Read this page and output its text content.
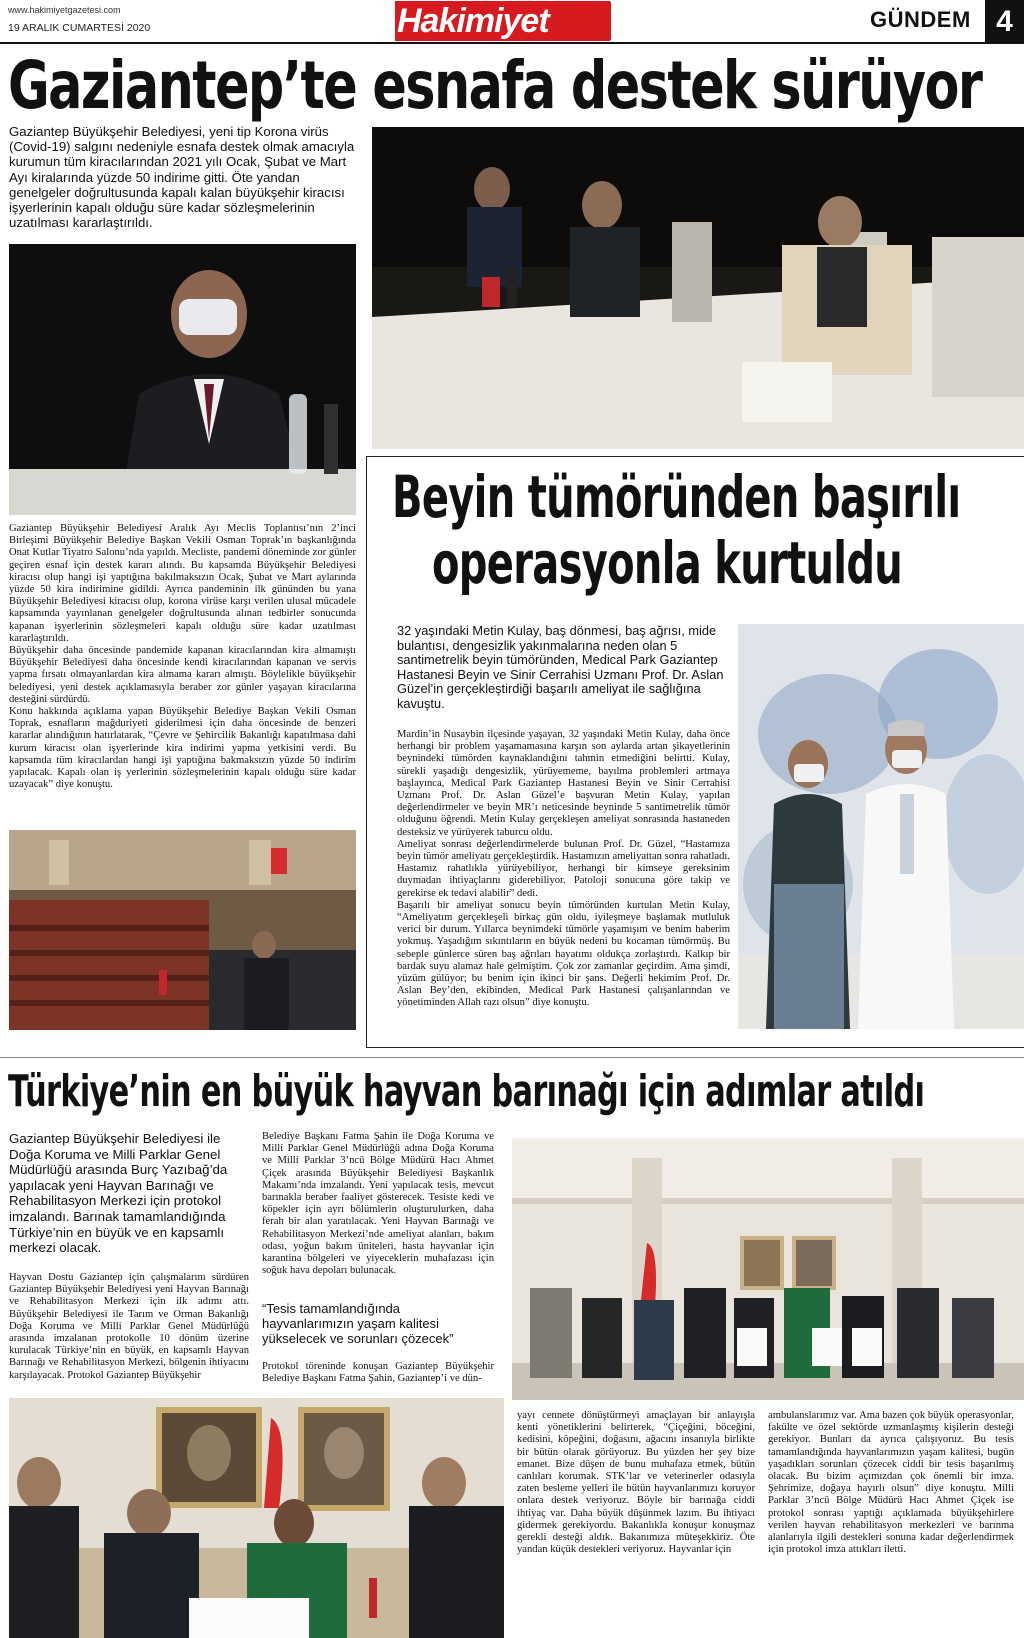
www.hakimiyetgazetesi.com
19 ARALIK CUMARTESİ 2020	Hakimiyet	GÜNDEM 4
Gaziantep’te esnafa destek sürüyor
Gaziantep Büyükşehir Belediyesi, yeni tip Korona virüs (Covid-19) salgını nedeniyle esnafa destek olmak amacıyla kurumun tüm kiracılarından 2021 yılı Ocak, Şubat ve Mart Ayı kiralarında yüzde 50 indirime gitti. Öte yandan genelgeler doğrultusunda kapalı kalan büyükşehir kiracısı işyerlerinin kapalı olduğu süre kadar sözleşmelerinin uzatılması kararlaştırıldı.

Gaziantep Büyükşehir Belediyesi Aralık Ayı Meclis Toplantısı’nın 2’inci Birleşimi Büyükşehir Belediye Başkan Vekili Osman Toprak’ın başkanlığında Onat Kutlar Tiyatro Salonu’nda yapıldı. Mecliste, pandemi döneminde zor günler geçiren esnaf için destek kararı alındı. Bu kapsamda Büyükşehir Belediyesi kiracısı olup hangi işi yaptığına bakılmaksızın Ocak, Şubat ve Mart aylarında yüzde 50 kira indirimine gidildi. Ayrıca pandeminin ilk gününden bu yana Büyükşehir Belediyesi kiracısı olup, korona virüse karşı verilen ulusal mücadele kapsamında yayınlanan genelgeler doğrultusunda alınan tedbirler sonucunda kapanan işyerlerinin sözleşmeleri kapalı olduğu süre kadar uzatılması kararlaştırıldı.

Büyükşehir daha öncesinde pandemide kapanan kiracılarından kira almamıştı Büyükşehir Belediyesi daha öncesinde kendi kiracılarından kapanan ve servis yapma fırsatı olmayanlardan kira almama kararı almıştı. Böylelikle büyükşehir belediyesi, yeni destek açıklamasıyla beraber zor günler yaşayan kiracılarına desteğini sürdürdü.

Konu hakkında açıklama yapan Büyükşehir Belediye Başkan Vekili Osman Toprak, esnafların mağduriyeti giderilmesi için daha öncesinde de benzeri kararlar alındığının hatırlatarak, “Çevre ve Şehircilik Bakanlığı kapatılmasa dahi kurum kiracısı olan işyerlerinde kira indirimi yapma yetkisini verdi. Bu kapsamda tüm kiracılardan hangi işi yaptığına bakmaksızın yüzde 50 indirim yapılacak. Kapalı olan iş yerlerinin sözleşmelerinin kapalı olduğu süre kadar uzayacak” diye konuştu.

Beyin tümöründen başırılı
operasyonla kurtuldu
32 yaşındaki Metin Kulay, baş dönmesi, baş ağrısı, mide bulantısı, dengesizlik yakınmalarına neden olan 5 santimetrelik beyin tümöründen, Medical Park Gaziantep Hastanesi Beyin ve Sinir Cerrahisi Uzmanı Prof. Dr. Aslan Güzel’in gerçekleştirdiği başarılı ameliyat ile sağlığına kavuştu.

Mardin’in Nusaybin ilçesinde yaşayan, 32 yaşındaki Metin Kulay, daha önce herhangi bir problem yaşamamasına karşın son aylarda artan şikayetlerinin beynindeki tümörden kaynaklandığını tahmin etmediğini belirtti. Kulay, sürekli yaşadığı dengesizlik, yürüyememe, bayılma problemleri artmaya başlayınca, Medical Park Gaziantep Hastanesi Beyin ve Sinir Cerrahisi Uzmanı Prof. Dr. Aslan Güzel’e başvuran Metin Kulay, yapılan değerlendirmeler ve beyin MR’ı neticesinde beyninde 5 santimetrelik tümör olduğunu öğrendi. Metin Kulay gerçekleşen ameliyat sonrasında hastaneden desteksiz ve yürüyerek taburcu oldu.

Ameliyat sonrası değerlendirmelerde bulunan Prof. Dr. Güzel, “Hastamıza beyin tümör ameliyatı gerçekleştirdik. Hastamızın ameliyattan sonra rahatladı. Hastamız rahatlıkla yürüyebiliyor, herhangi bir kimseye gereksinim duymadan ihtiyaçlarını giderebiliyor. Patoloji sonucuna göre takip ve gerekirse ek tedavi alabilir” dedi.

Başarılı bir ameliyat sonucu beyin tümöründen kurtulan Metin Kulay, “Ameliyatım gerçekleşeli birkaç gün oldu, iyileşmeye başlamak mutluluk verici bir durum. Yıllarca beynimdeki tümörle yaşamışım ve benim haberim yokmuş. Yaşadığım sıkıntıların en büyük nedeni bu kocaman tümörmüş. Bu sebeple günlerce süren baş ağrıları hayatımı oldukça zorlaştırdı. Kalkıp bir bardak suyu alamaz hale gelmiştim. Çok zor zamanlar geçirdim. Ama şimdi, yüzüm gülüyor; bu benim için ikinci bir şans. Değerli hekimim Prof. Dr. Aslan Bey’den, ekibinden, Medical Park Hastanesi çalışanlarından ve yönetiminden Allah razı olsun” diye konuştu.

Türkiye’nin en büyük hayvan barınağı için adımlar atıldı
Gaziantep Büyükşehir Belediyesi ile Doğa Koruma ve Milli Parklar Genel Müdürlüğü arasında Burç Yazıbağ’da yapılacak yeni Hayvan Barınağı ve Rehabilitasyon Merkezi için protokol imzalandı. Barınak tamamlandığında Türkiye’nin en büyük ve en kapsamlı merkezi olacak.
Hayvan Dostu Gaziantep için çalışmalarını sürdüren Gaziantep Büyükşehir Belediyesi yeni Hayvan Barınağı ve Rehabilitasyon Merkezi için ilk adımı attı. Büyükşehir Belediyesi ile Tarım ve Orman Bakanlığı Doğa Koruma ve Milli Parklar Genel Müdürlüğü arasında imzalanan protokolle 10 dönüm üzerine kurulacak Türkiye’nin en büyük, en kapsamlı Hayvan Barınağı ve Rehabilitasyon Merkezi, bölgenin ihtiyacını karşılayacak. Protokol Gaziantep Büyükşehir
Belediye Başkanı Fatma Şahin ile Doğa Koruma ve Milli Parklar Genel Müdürlüğü adına Doğa Koruma ve Milli Parklar 3’ncü Bölge Müdürü Hacı Ahmet Çiçek arasında Büyükşehir Belediyesi Başkanlık Makamı’nda imzalandı. Yeni yapılacak tesis, mevcut barınakla beraber faaliyet gösterecek. Tesiste kedi ve köpekler için ayrı bölümlerin oluşturulurken, daha ferah bir alan yaratılacak. Yeni Hayvan Barınağı ve Rehabilitasyon Merkezi’nde ameliyat alanları, bakım odası, yoğun bakım üniteleri, hasta hayvanlar için karantina bölgeleri ve yiyeceklerin muhafazası için soğuk hava depoları bulunacak.
“Tesis tamamlandığında hayvanlarımızın yaşam kalitesi yükselecek ve sorunları çözecek”
Protokol töreninde konuşan Gaziantep Büyükşehir Belediye Başkanı Fatma Şahin, Gaziantep’i ve dün-
yayı cennete dönüştürmeyi amaçlayan bir anlayışla kenti yönetiklerini belirterek, “Çiçeğini, böceğini, kedisini, köpeğini, doğasını, ağacını insanıyla birlikte bir bütün olarak görüyoruz. Bu yüzden her şey bize emanet. Bize düşen de bunu muhafaza etmek, bütün canlıları korumak. STK’lar ve veterinerler odasıyla zaten besleme yelleri ile bütün hayvanlarımızı koruyor onlara destek veriyoruz. Böyle bir barınağa ciddi ihtiyaç var. Daha büyük düşünmek lazım. Bu ihtiyacı gidermek gerekiyordu. Bakanlıkla konuşur konuşmaz gerekli desteği aldık. Bakanımıza müteşekkiriz. Öte yandan küçük destekleri veriyoruz. Hayvanlar için
ambulanslarımız var. Ama bazen çok büyük operasyonlar, fakülte ve özel sektörde uzmanlaşmış kişilerin desteği gerekiyor. Bunları da ayrıca çalışıyoruz. Bu tesis tamamlandığında hayvanlarımızın yaşam kalitesi, bugün yaşadıkları sorunları çözecek ciddi bir tesis başarılmış olacak. Bu bizim açımızdan çok önemli bir imza. Şehrimize, doğaya hayırlı olsun” diye konuştu. Milli Parklar 3’ncü Bölge Müdürü Hacı Ahmet Çiçek ise protokol sonrası yaptığı açıklamada büyükşehirlere verilen hayvan rehabilitasyon merkezleri ve barınma alanlarıyla ilgili destekleri sonuna kadar değerlendirmek için protokol imza attıkları iletti.
